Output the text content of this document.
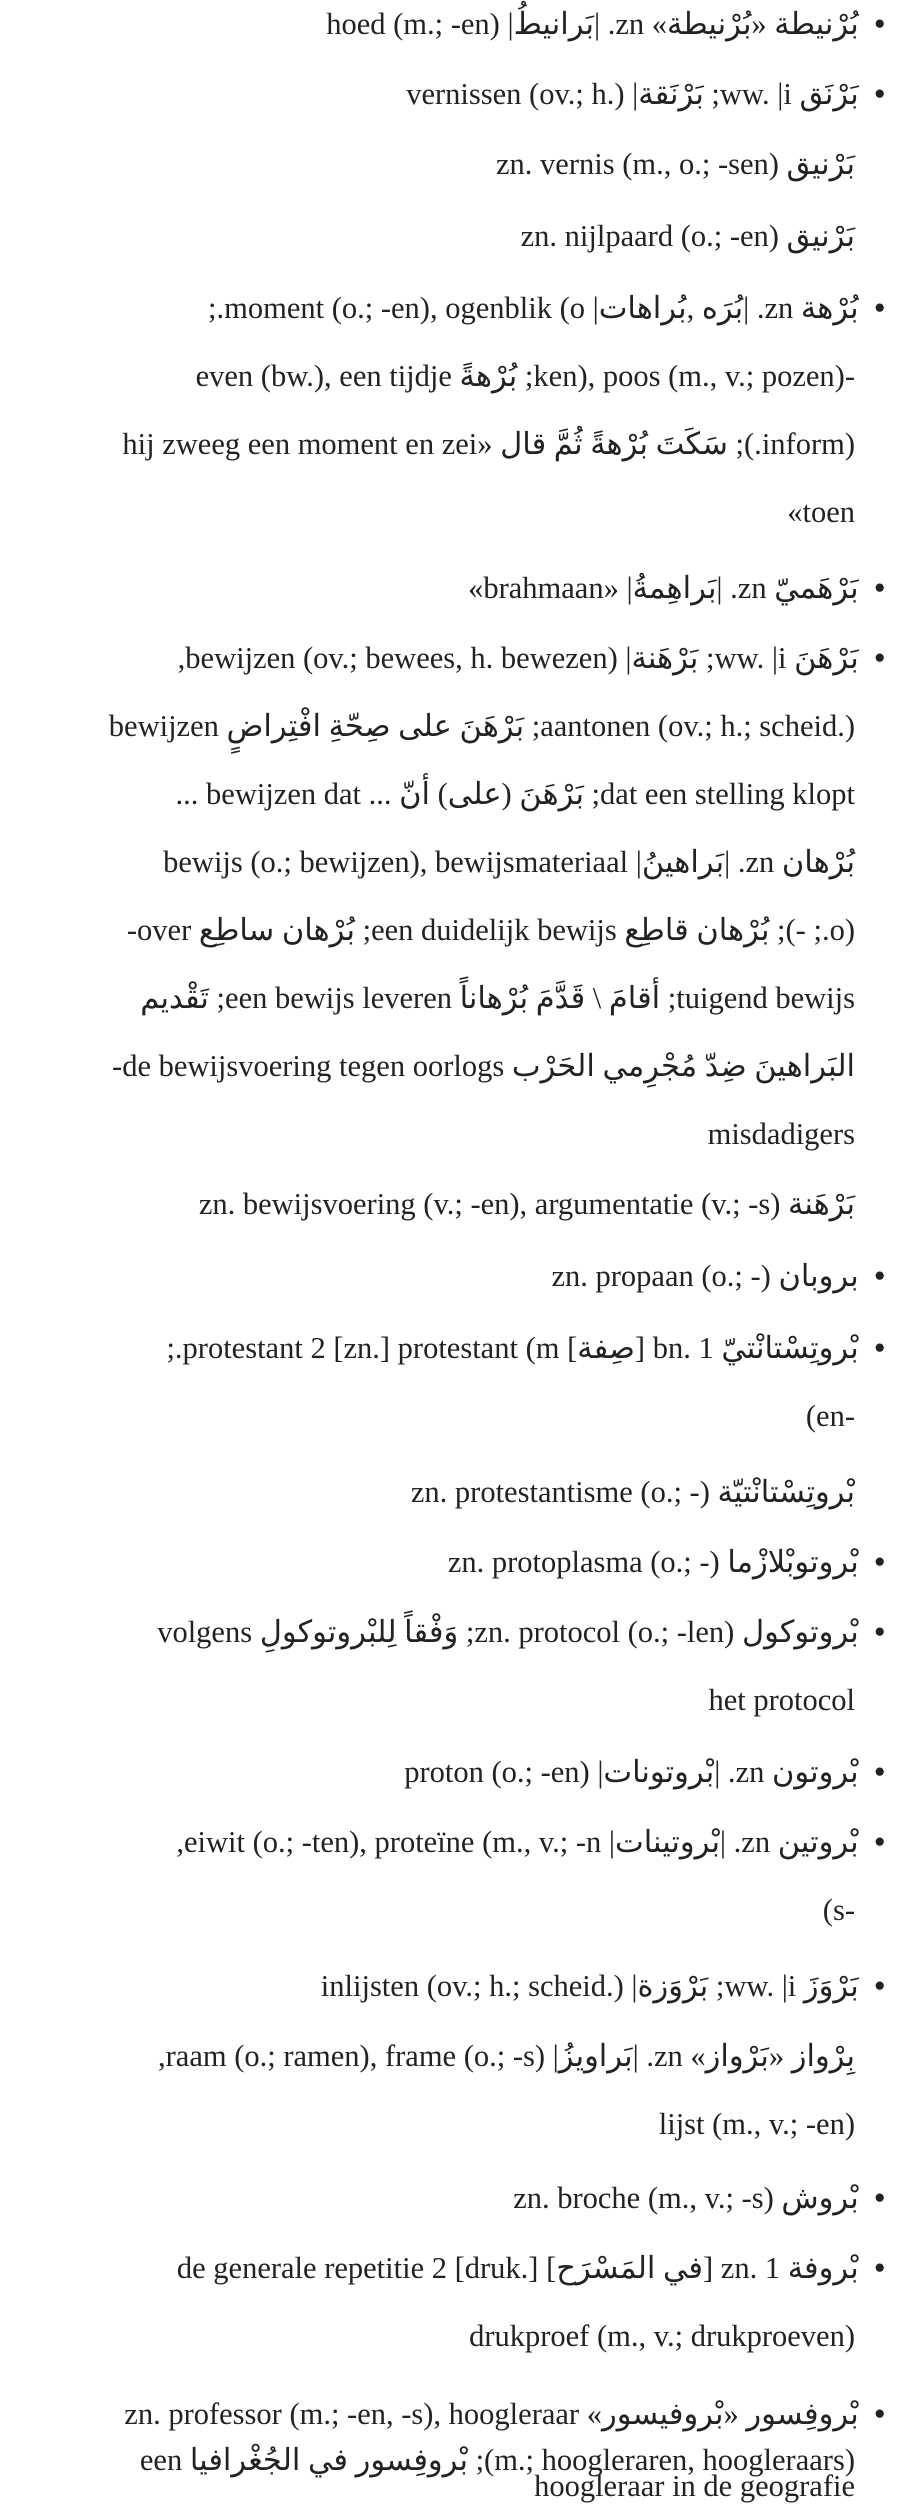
• بُرْنيطة «بُرْنيطة» zn. |بَرانيطُ| hoed (m.; -en)
• بَرْنَق ww. |i; بَرْنَقة| vernissen (ov.; h.)
بَرْنيق zn. vernis (m., o.; -sen)
بَرْنيق zn. nijlpaard (o.; -en)
• بُرْهة zn. |بُرَه ,بُراهات| moment (o.; -en), ogenblik (o.;
-ken), poos (m., v.; pozen); بُرْهةً even (bw.), een tijdje
(inform.); سَكَتَ بُرْهةً ثُمَّ قال «hij zweeg een moment en zei
toen»
• بَرْهَميّ zn. |بَراهِمةُ| «brahmaan»
• بَرْهَنَ ww. |i; بَرْهَنة| bewijzen (ov.; bewees, h. bewezen),
aantonen (ov.; h.; scheid.); بَرْهَنَ على صِحّةِ افْتِراضٍ bewijzen
dat een stelling klopt; بَرْهَنَ (على) أنّ ... bewijzen dat ...
بُرْهان zn. |بَراهينُ| bewijs (o.; bewijzen), bewijsmateriaal
(o.; -); بُرْهان قاطِع een duidelijk bewijs; بُرْهان ساطِع over-
tuigend bewijs; أقامَ \ قَدَّمَ بُرْهاناً een bewijs leveren; تَقْديم
البَراهينَ ضِدّ مُجْرِمي الحَرْب de bewijsvoering tegen oorlogs-
misdadigers
بَرْهَنة zn. bewijsvoering (v.; -en), argumentatie (v.; -s)
• بروبان zn. propaan (o.; -)
• بْروتِسْتانْتيّ bn. 1 [صِفة] protestant 2 [zn.] protestant (m.;
-en)
بْروتِسْتانْتيّة zn. protestantisme (o.; -)
• بْروتوبْلازْما zn. protoplasma (o.; -)
• بْروتوكول zn. protocol (o.; -len); وَفْقاً لِلبْروتوكولِ volgens
het protocol
• بْروتون zn. |بْروتونات| proton (o.; -en)
• بْروتين zn. |بْروتينات| eiwit (o.; -ten), proteïne (m., v.; -n,
-s)
• بَرْوَزَ ww. |i; بَرْوَزة| inlijsten (ov.; h.; scheid.)
بِرْواز «بَرْواز» zn. |بَراويزُ| raam (o.; ramen), frame (o.; -s),
lijst (m., v.; -en)
• بْروش zn. broche (m., v.; -s)
• بْروفة zn. 1 [في المَسْرَح] de generale repetitie 2 [druk.]
drukproef (m., v.; drukproeven)
• بْروفِسور «بْروفيسور» zn. professor (m.; -en, -s), hoogleraar
(m.; hoogleraren, hoogleraars); بْروفِسور في الجُغْرافيا een
hoogleraar in de geografie
